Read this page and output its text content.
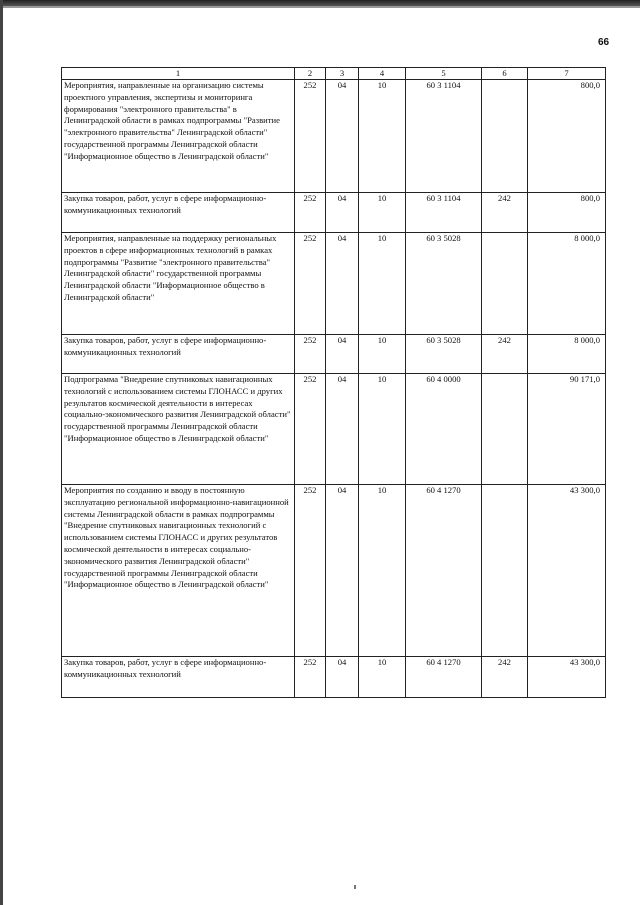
66
1	2	3	4	5	6	7
Мероприятия, направленные на организацию системы проектного управления, экспертизы и мониторинга формирования "электронного правительства" в Ленинградской области в рамках подпрограммы "Развитие "электронного правительства" Ленинградской области" государственной программы Ленинградской области "Информационное общество в Ленинградской области"	252	04	10	60 3 1104		800,0
Закупка товаров, работ, услуг в сфере информационно-коммуникационных технологий	252	04	10	60 3 1104	242	800,0
Мероприятия, направленные на поддержку региональных проектов в сфере информационных технологий в рамках подпрограммы "Развитие "электронного правительства" Ленинградской области" государственной программы Ленинградской области "Информационное общество в Ленинградской области"	252	04	10	60 3 5028		8 000,0
Закупка товаров, работ, услуг в сфере информационно-коммуникационных технологий	252	04	10	60 3 5028	242	8 000,0
Подпрограмма "Внедрение спутниковых навигационных технологий с использованием системы ГЛОНАСС и других результатов космической деятельности в интересах социально-экономического развития Ленинградской области" государственной программы Ленинградской области "Информационное общество в Ленинградской области"	252	04	10	60 4 0000		90 171,0
Мероприятия по созданию и вводу в постоянную эксплуатацию региональной информационно-навигационной системы Ленинградской области в рамках подпрограммы "Внедрение спутниковых навигационных технологий с использованием системы ГЛОНАСС и других результатов космической деятельности в интересах социально-экономического развития Ленинградской области" государственной программы Ленинградской области "Информационное общество в Ленинградской области"	252	04	10	60 4 1270		43 300,0
Закупка товаров, работ, услуг в сфере информационно-коммуникационных технологий	252	04	10	60 4 1270	242	43 300,0
